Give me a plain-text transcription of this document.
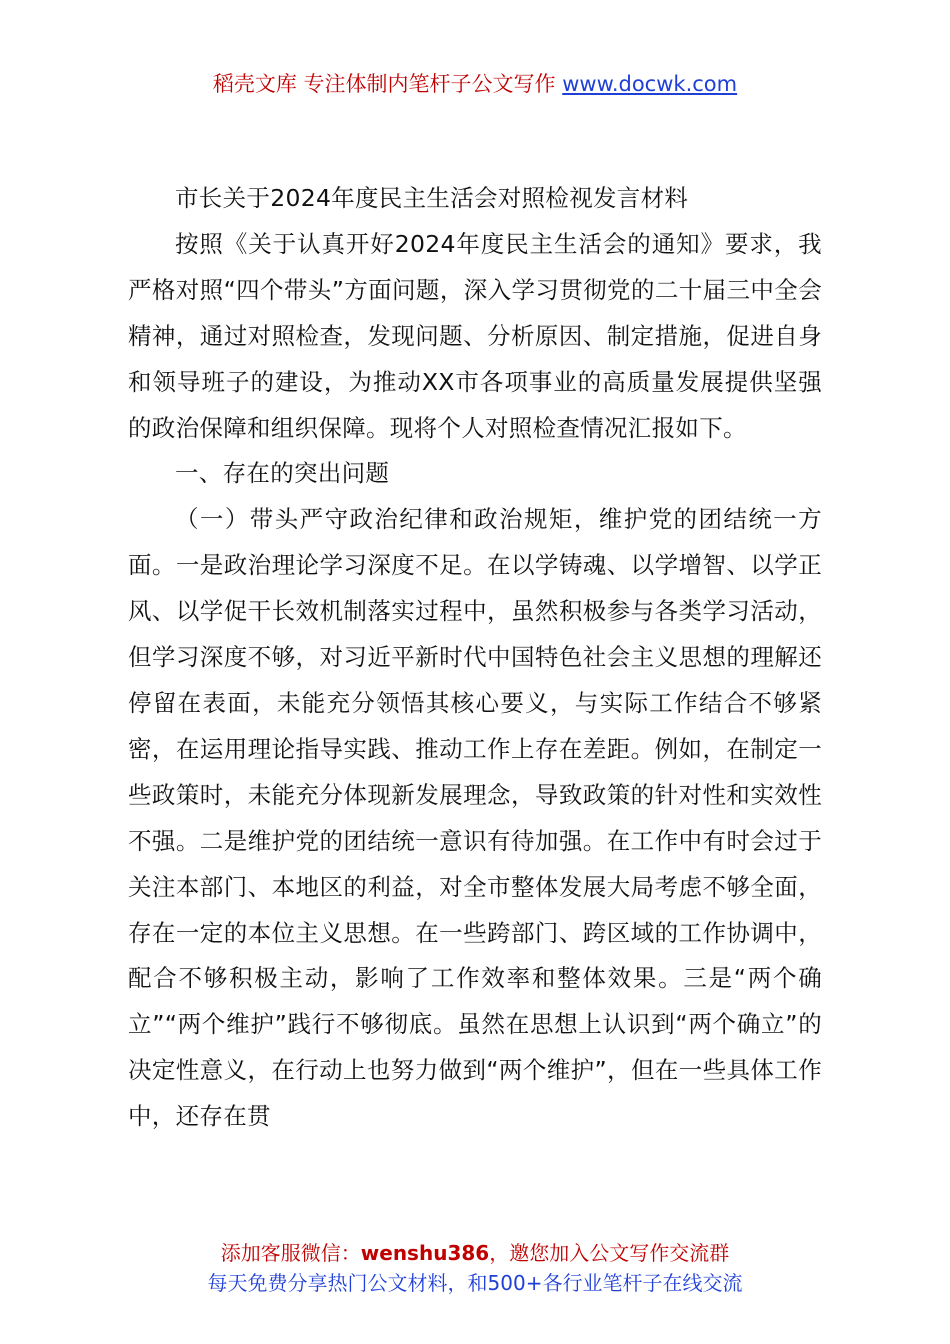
稻壳文库 专注体制内笔杆子公文写作 www.docwk.com

市长关于2024年度民主生活会对照检视发言材料

按照《关于认真开好2024年度民主生活会的通知》要求，我严格对照“四个带头”方面问题，深入学习贯彻党的二十届三中全会精神，通过对照检查，发现问题、分析原因、制定措施，促进自身和领导班子的建设，为推动XX市各项事业的高质量发展提供坚强的政治保障和组织保障。现将个人对照检查情况汇报如下。

一、存在的突出问题

（一）带头严守政治纪律和政治规矩，维护党的团结统一方面。一是政治理论学习深度不足。在以学铸魂、以学增智、以学正风、以学促干长效机制落实过程中，虽然积极参与各类学习活动，但学习深度不够，对习近平新时代中国特色社会主义思想的理解还停留在表面，未能充分领悟其核心要义，与实际工作结合不够紧密，在运用理论指导实践、推动工作上存在差距。例如，在制定一些政策时，未能充分体现新发展理念，导致政策的针对性和实效性不强。二是维护党的团结统一意识有待加强。在工作中有时会过于关注本部门、本地区的利益，对全市整体发展大局考虑不够全面，存在一定的本位主义思想。在一些跨部门、跨区域的工作协调中，配合不够积极主动，影响了工作效率和整体效果。三是“两个确立”“两个维护”践行不够彻底。虽然在思想上认识到“两个确立”的决定性意义，在行动上也努力做到“两个维护”，但在一些具体工作中，还存在贯

添加客服微信：wenshu386，邀您加入公文写作交流群
每天免费分享热门公文材料，和500+各行业笔杆子在线交流
